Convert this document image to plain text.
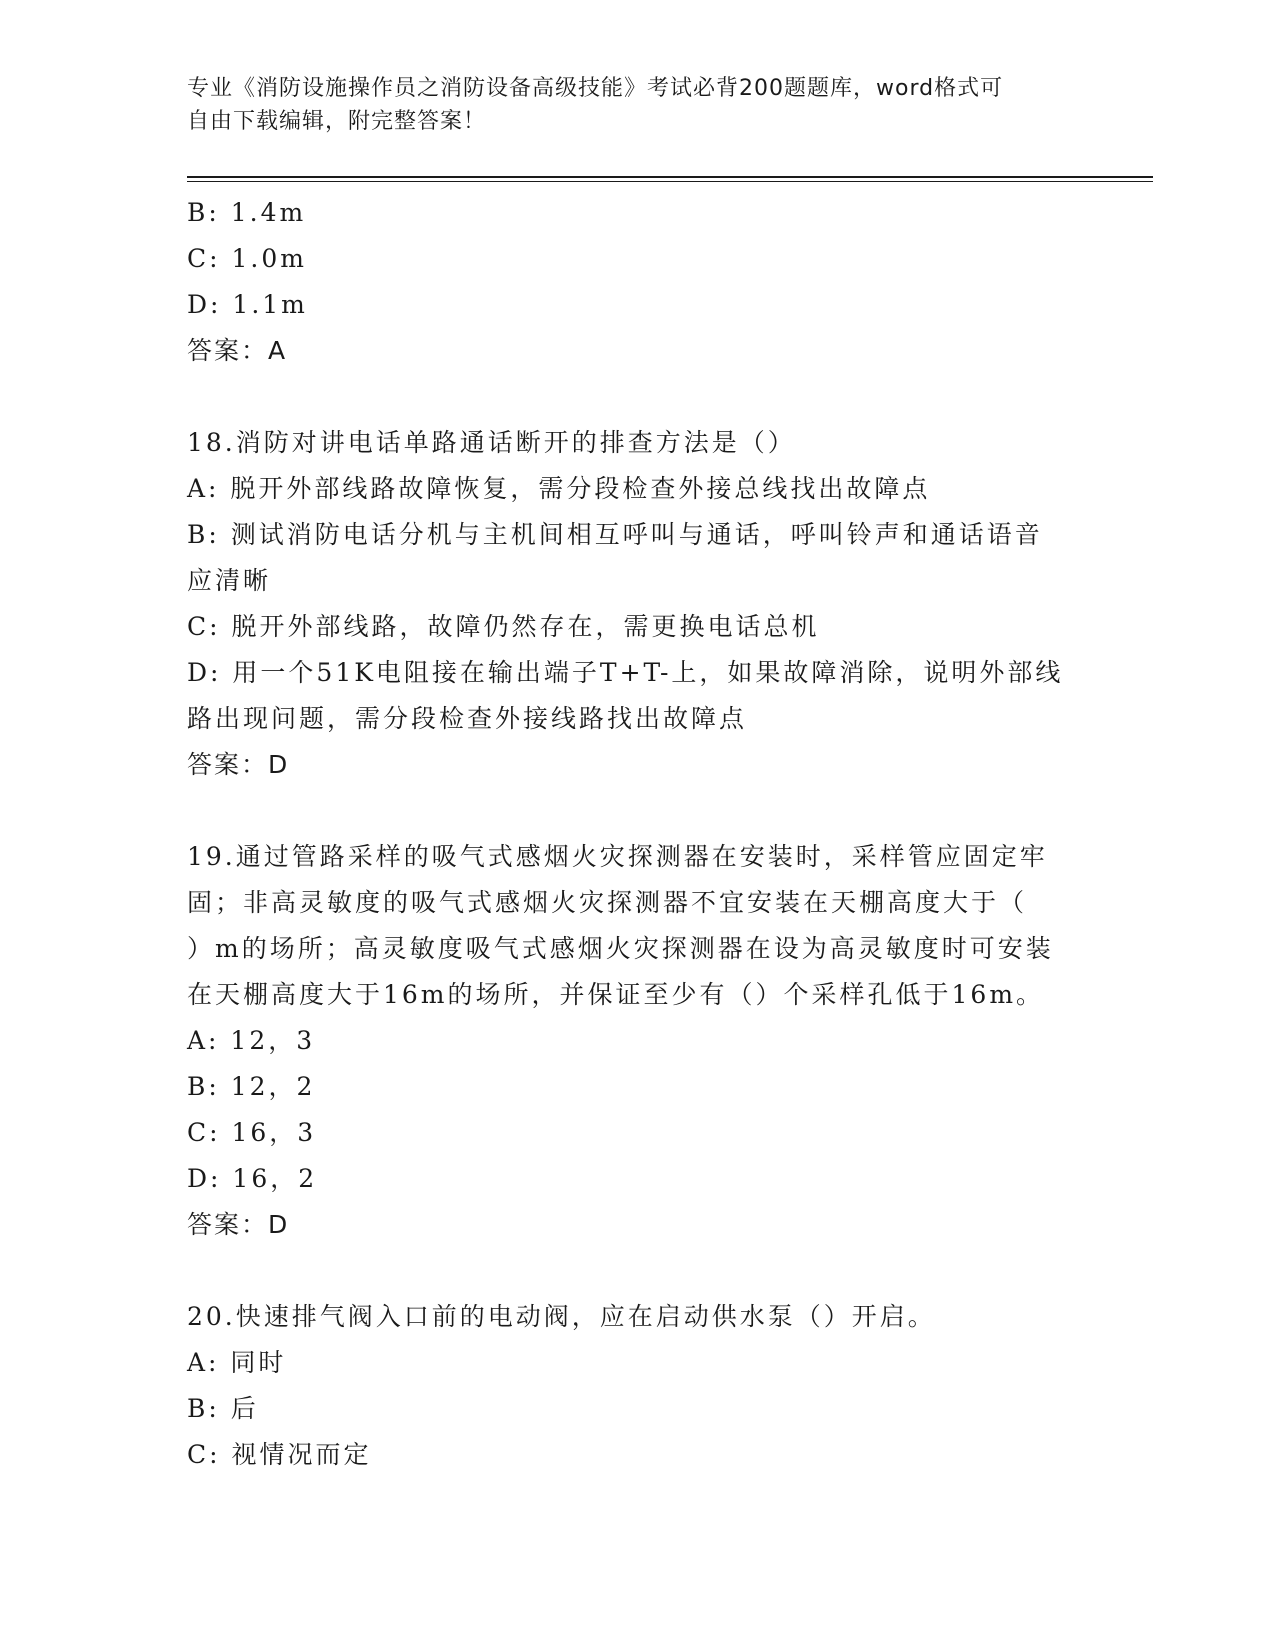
专业《消防设施操作员之消防设备高级技能》考试必背200题题库，word格式可
自由下载编辑，附完整答案！
B: 1.4m
C: 1.0m
D: 1.1m
答案：A
18.消防对讲电话单路通话断开的排查方法是（）
A: 脱开外部线路故障恢复，需分段检查外接总线找出故障点
B: 测试消防电话分机与主机间相互呼叫与通话，呼叫铃声和通话语音
应清晰
C: 脱开外部线路，故障仍然存在，需更换电话总机
D: 用一个51K电阻接在输出端子T+T-上，如果故障消除，说明外部线
路出现问题，需分段检查外接线路找出故障点
答案：D
19.通过管路采样的吸气式感烟火灾探测器在安装时，采样管应固定牢
固；非高灵敏度的吸气式感烟火灾探测器不宜安装在天棚高度大于（
）m的场所；高灵敏度吸气式感烟火灾探测器在设为高灵敏度时可安装
在天棚高度大于16m的场所，并保证至少有（）个采样孔低于16m。
A: 12，3
B: 12，2
C: 16，3
D: 16，2
答案：D
20.快速排气阀入口前的电动阀，应在启动供水泵（）开启。
A: 同时
B: 后
C: 视情况而定
